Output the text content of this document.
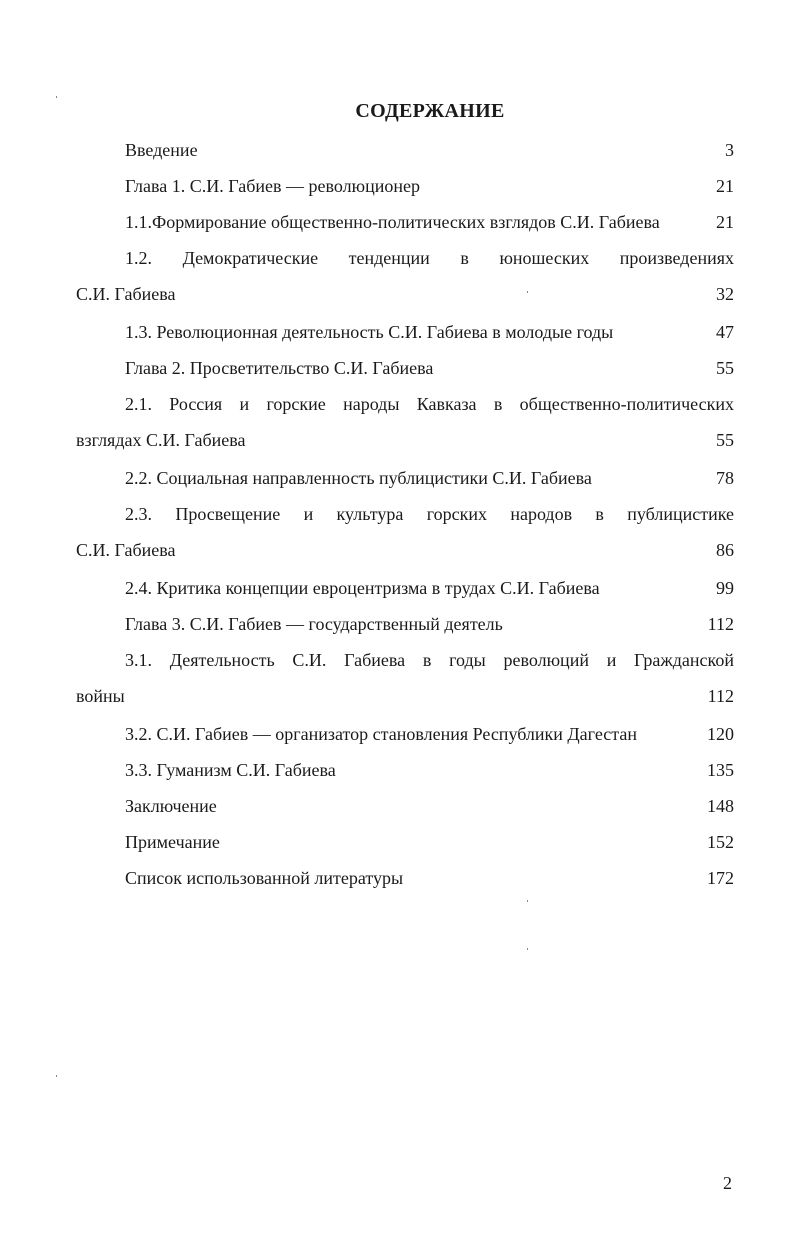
СОДЕРЖАНИЕ
Введение	3
Глава 1. С.И. Габиев — революционер	21
1.1.Формирование общественно-политических взглядов С.И. Габиева	21
1.2. Демократические тенденции в юношеских произведениях
С.И. Габиева	32
1.3. Революционная деятельность С.И. Габиева в молодые годы	47
Глава 2. Просветительство С.И. Габиева	55
2.1. Россия и горские народы Кавказа в общественно-политических
взглядах С.И. Габиева	55
2.2. Социальная направленность публицистики С.И. Габиева	78
2.3. Просвещение и культура горских народов в публицистике
С.И. Габиева	86
2.4. Критика концепции евроцентризма в трудах С.И. Габиева	99
Глава 3. С.И. Габиев — государственный деятель	112
3.1. Деятельность С.И. Габиева в годы революций и Гражданской
войны	112
3.2. С.И. Габиев — организатор становления Республики Дагестан	120
3.3. Гуманизм С.И. Габиева	135
Заключение	148
Примечание	152
Список использованной литературы	172
2
